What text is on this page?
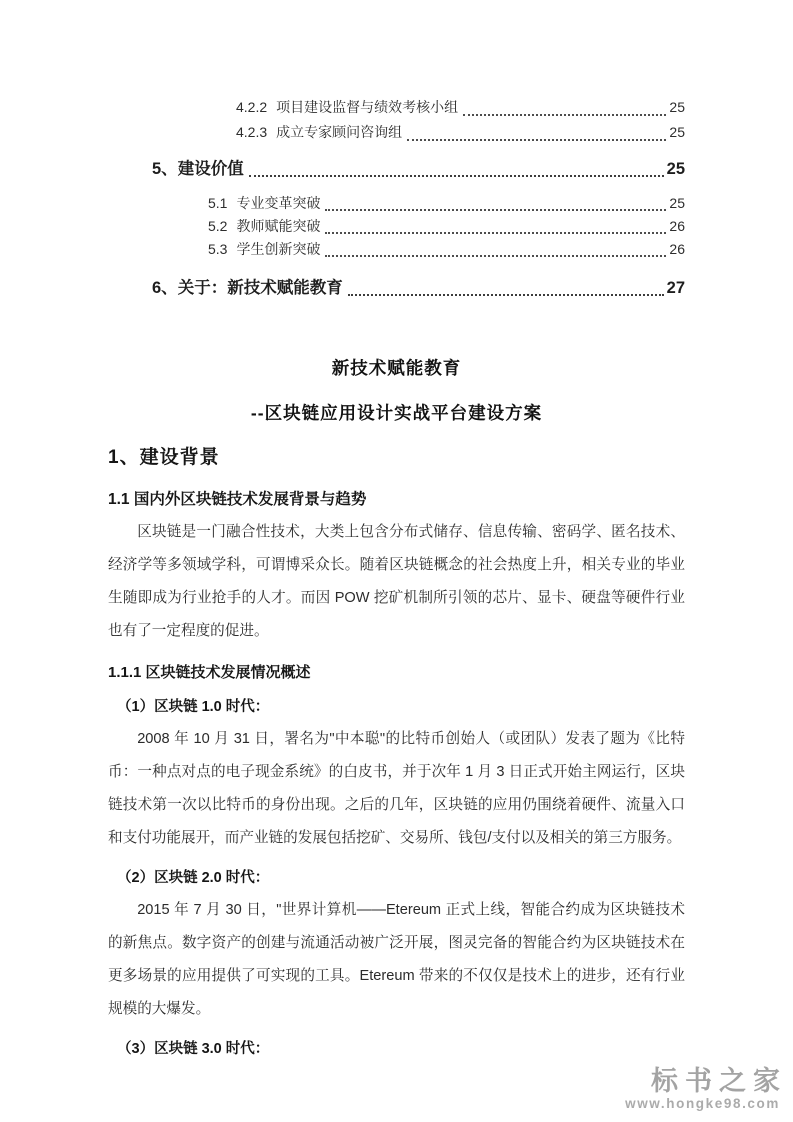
4.2.2 项目建设监督与绩效考核小组	25
4.2.3 成立专家顾问咨询组	25
5、 建设价值	25
5.1 专业变革突破	25
5.2 教师赋能突破	26
5.3 学生创新突破	26
6、 关于：新技术赋能教育	27
新技术赋能教育
--区块链应用设计实战平台建设方案
1、建设背景
1.1 国内外区块链技术发展背景与趋势
区块链是一门融合性技术，大类上包含分布式储存、信息传输、密码学、匿名技术、经济学等多领域学科，可谓博采众长。随着区块链概念的社会热度上升，相关专业的毕业生随即成为行业抢手的人才。而因 POW 挖矿机制所引领的芯片、显卡、硬盘等硬件行业也有了一定程度的促进。
1.1.1 区块链技术发展情况概述
（1）区块链 1.0 时代：
2008 年 10 月 31 日，署名为"中本聪"的比特币创始人（或团队）发表了题为《比特币：一种点对点的电子现金系统》的白皮书，并于次年 1 月 3 日正式开始主网运行，区块链技术第一次以比特币的身份出现。之后的几年，区块链的应用仍围绕着硬件、流量入口和支付功能展开，而产业链的发展包括挖矿、交易所、钱包/支付以及相关的第三方服务。
（2）区块链 2.0 时代：
2015 年 7 月 30 日，"世界计算机——Etereum 正式上线，智能合约成为区块链技术的新焦点。数字资产的创建与流通活动被广泛开展，图灵完备的智能合约为区块链技术在更多场景的应用提供了可实现的工具。Etereum 带来的不仅仅是技术上的进步，还有行业规模的大爆发。
（3）区块链 3.0 时代：
标书之家
www.hongke98.com
